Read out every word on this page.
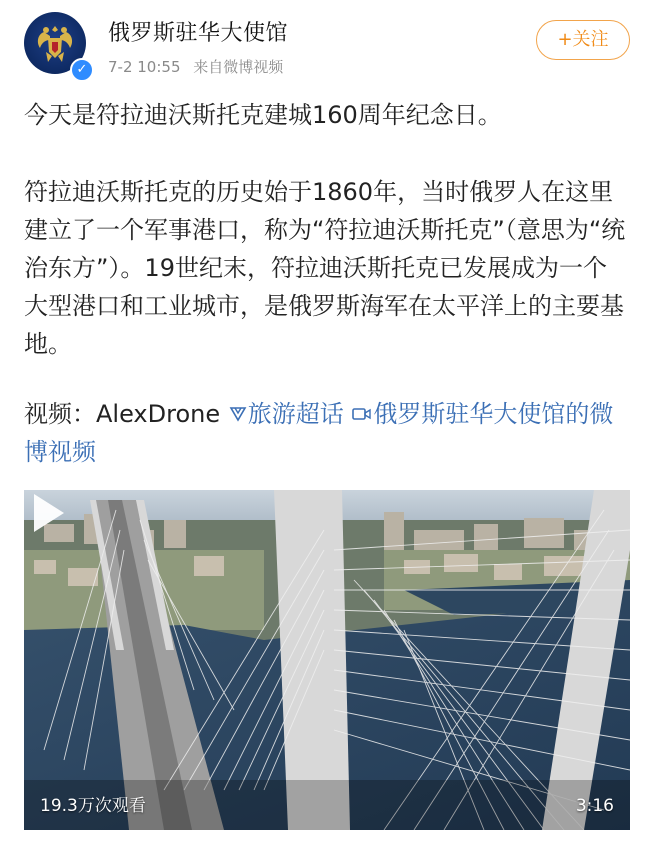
✓
俄罗斯驻华大使馆
7-2 10:55 来自微博视频
+关注
今天是符拉迪沃斯托克建城160周年纪念日。
符拉迪沃斯托克的历史始于1860年，当时俄罗人在这里建立了一个军事港口，称为“符拉迪沃斯托克”（意思为“统治东方”）。19世纪末，符拉迪沃斯托克已发展成为一个大型港口和工业城市，是俄罗斯海军在太平洋上的主要基地。
视频：AlexDrone 旅游超话 俄罗斯驻华大使馆的微博视频
19.3万次观看	3:16
